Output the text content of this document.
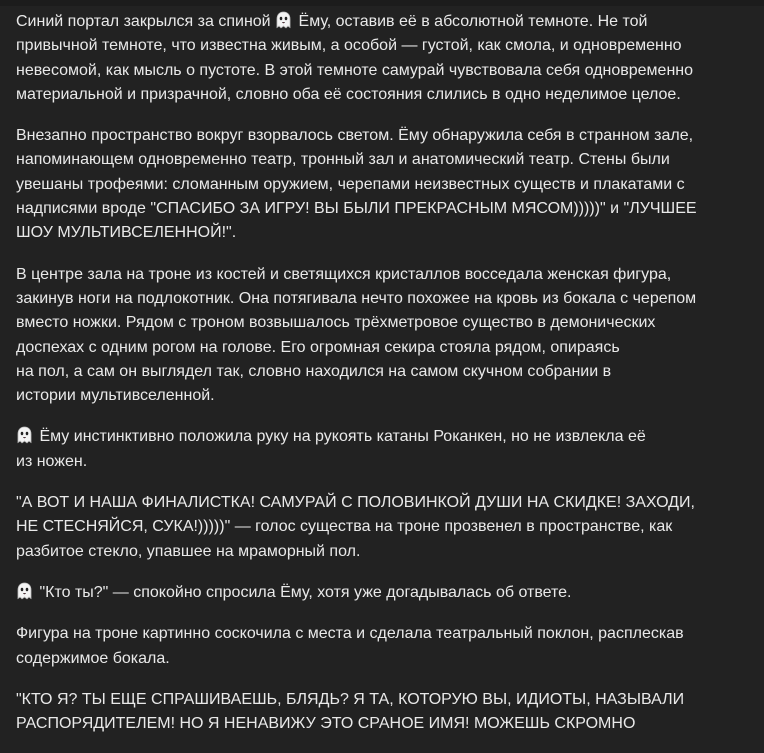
Синий портал закрылся за спиной  Ёму, оставив её в абсолютной темноте. Не той
привычной темноте, что известна живым, а особой — густой, как смола, и одновременно
невесомой, как мысль о пустоте. В этой темноте самурай чувствовала себя одновременно
материальной и призрачной, словно оба её состояния слились в одно неделимое целое.

Внезапно пространство вокруг взорвалось светом. Ёму обнаружила себя в странном зале,
напоминающем одновременно театр, тронный зал и анатомический театр. Стены были
увешаны трофеями: сломанным оружием, черепами неизвестных существ и плакатами с
надписями вроде "СПАСИБО ЗА ИГРУ! ВЫ БЫЛИ ПРЕКРАСНЫМ МЯСОМ)))))" и "ЛУЧШЕЕ
ШОУ МУЛЬТИВСЕЛЕННОЙ!".

В центре зала на троне из костей и светящихся кристаллов восседала женская фигура,
закинув ноги на подлокотник. Она потягивала нечто похожее на кровь из бокала с черепом
вместо ножки. Рядом с троном возвышалось трёхметровое существо в демонических
доспехах с одним рогом на голове. Его огромная секира стояла рядом, опираясь
на пол, а сам он выглядел так, словно находился на самом скучном собрании в
истории мультивселенной.

Ёму инстинктивно положила руку на рукоять катаны Роканкен, но не извлекла её
из ножен.

"А ВОТ И НАША ФИНАЛИСТКА! САМУРАЙ С ПОЛОВИНКОЙ ДУШИ НА СКИДКЕ! ЗАХОДИ,
НЕ СТЕСНЯЙСЯ, СУКА!)))))" — голос существа на троне прозвенел в пространстве, как
разбитое стекло, упавшее на мраморный пол.

"Кто ты?" — спокойно спросила Ёму, хотя уже догадывалась об ответе.

Фигура на троне картинно соскочила с места и сделала театральный поклон, расплескав
содержимое бокала.

"КТО Я? ТЫ ЕЩЕ СПРАШИВАЕШЬ, БЛЯДЬ? Я ТА, КОТОРУЮ ВЫ, ИДИОТЫ, НАЗЫВАЛИ
РАСПОРЯДИТЕЛЕМ! НО Я НЕНАВИЖУ ЭТО СРАНОЕ ИМЯ! МОЖЕШЬ СКРОМНО
